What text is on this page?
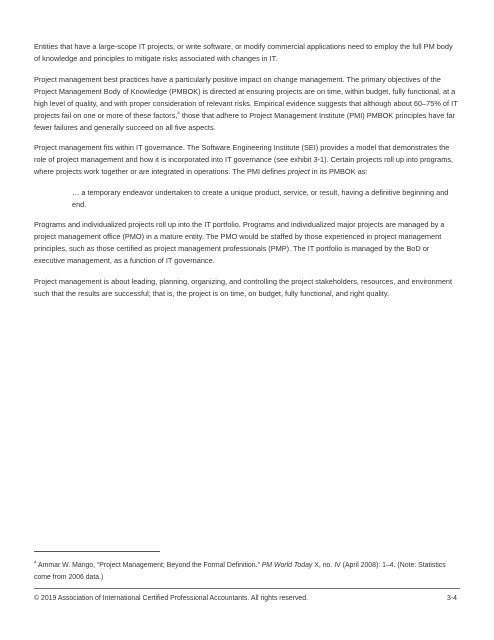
Entities that have a large-scope IT projects, or write software, or modify commercial applications need to employ the full PM body of knowledge and principles to mitigate risks associated with changes in IT.

Project management best practices have a particularly positive impact on change management. The primary objectives of the Project Management Body of Knowledge (PMBOK) is directed at ensuring projects are on time, within budget, fully functional, at a high level of quality, and with proper consideration of relevant risks. Empirical evidence suggests that although about 60–75% of IT projects fail on one or more of these factors,$^4$ those that adhere to Project Management Institute (PMI) PMBOK principles have far fewer failures and generally succeed on all five aspects.

Project management fits within IT governance. The Software Engineering Institute (SEI) provides a model that demonstrates the role of project management and how it is incorporated into IT governance (see exhibit 3-1). Certain projects roll up into programs, where projects work together or are integrated in operations. The PMI defines project in its PMBOK as:

… a temporary endeavor undertaken to create a unique product, service, or result, having a definitive beginning and end.

Programs and individualized projects roll up into the IT portfolio. Programs and individualized major projects are managed by a project management office (PMO) in a mature entity. The PMO would be staffed by those experienced in project management principles, such as those certified as project management professionals (PMP). The IT portfolio is managed by the BoD or executive management, as a function of IT governance.

Project management is about leading, planning, organizing, and controlling the project stakeholders, resources, and environment such that the results are successful; that is, the project is on time, on budget, fully functional, and right quality.

$^4$ Ammar W. Mango, “Project Management; Beyond the Formal Definition.” PM World Today X, no. IV (April 2008): 1–4. (Note: Statistics come from 2006 data.)

© 2019 Association of International Certified Professional Accountants. All rights reserved.	3-4
